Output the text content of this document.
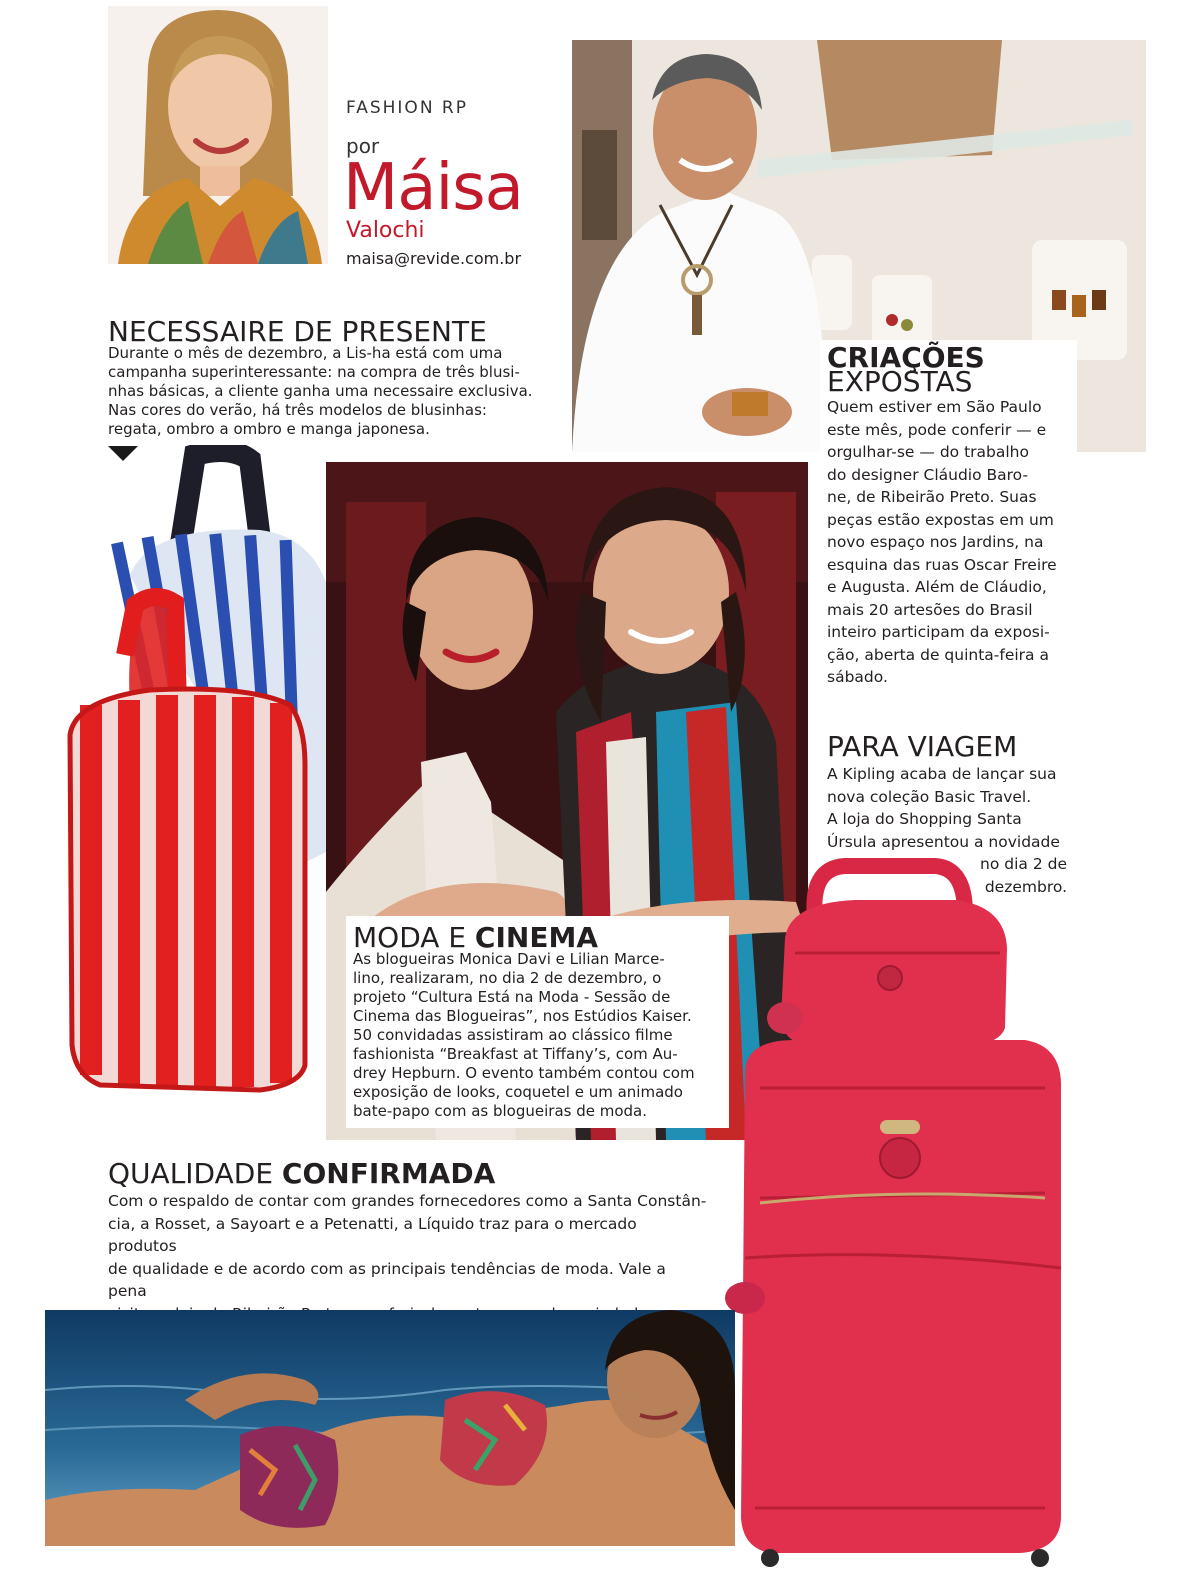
FASHION RP
por
Máisa
Valochi
maisa@revide.com.br
NECESSAIRE DE PRESENTE
Durante o mês de dezembro, a Lis-ha está com uma
campanha superinteressante: na compra de três blusi-
nhas básicas, a cliente ganha uma necessaire exclusiva.
Nas cores do verão, há três modelos de blusinhas:
regata, ombro a ombro e manga japonesa.
MODA E CINEMA
As blogueiras Monica Davi e Lilian Marce-
lino, realizaram, no dia 2 de dezembro, o
projeto “Cultura Está na Moda - Sessão de
Cinema das Blogueiras”, nos Estúdios Kaiser.
50 convidadas assistiram ao clássico filme
fashionista “Breakfast at Tiffany’s, com Au-
drey Hepburn. O evento também contou com
exposição de looks, coquetel e um animado
bate-papo com as blogueiras de moda.
CRIAÇÕES
EXPOSTAS
Quem estiver em São Paulo
este mês, pode conferir — e
orgulhar-se — do trabalho
do designer Cláudio Baro-
ne, de Ribeirão Preto. Suas
peças estão expostas em um
novo espaço nos Jardins, na
esquina das ruas Oscar Freire
e Augusta. Além de Cláudio,
mais 20 artesões do Brasil
inteiro participam da exposi-
ção, aberta de quinta-feira a
sábado.
PARA VIAGEM
A Kipling acaba de lançar sua
nova coleção Basic Travel.
A loja do Shopping Santa
Úrsula apresentou a novidade
no dia 2 de
dezembro.
QUALIDADE CONFIRMADA
Com o respaldo de contar com grandes fornecedores como a Santa Constân-
cia, a Rosset, a Sayoart e a Petenatti, a Líquido traz para o mercado produtos
de qualidade e de acordo com as principais tendências de moda. Vale a pena
